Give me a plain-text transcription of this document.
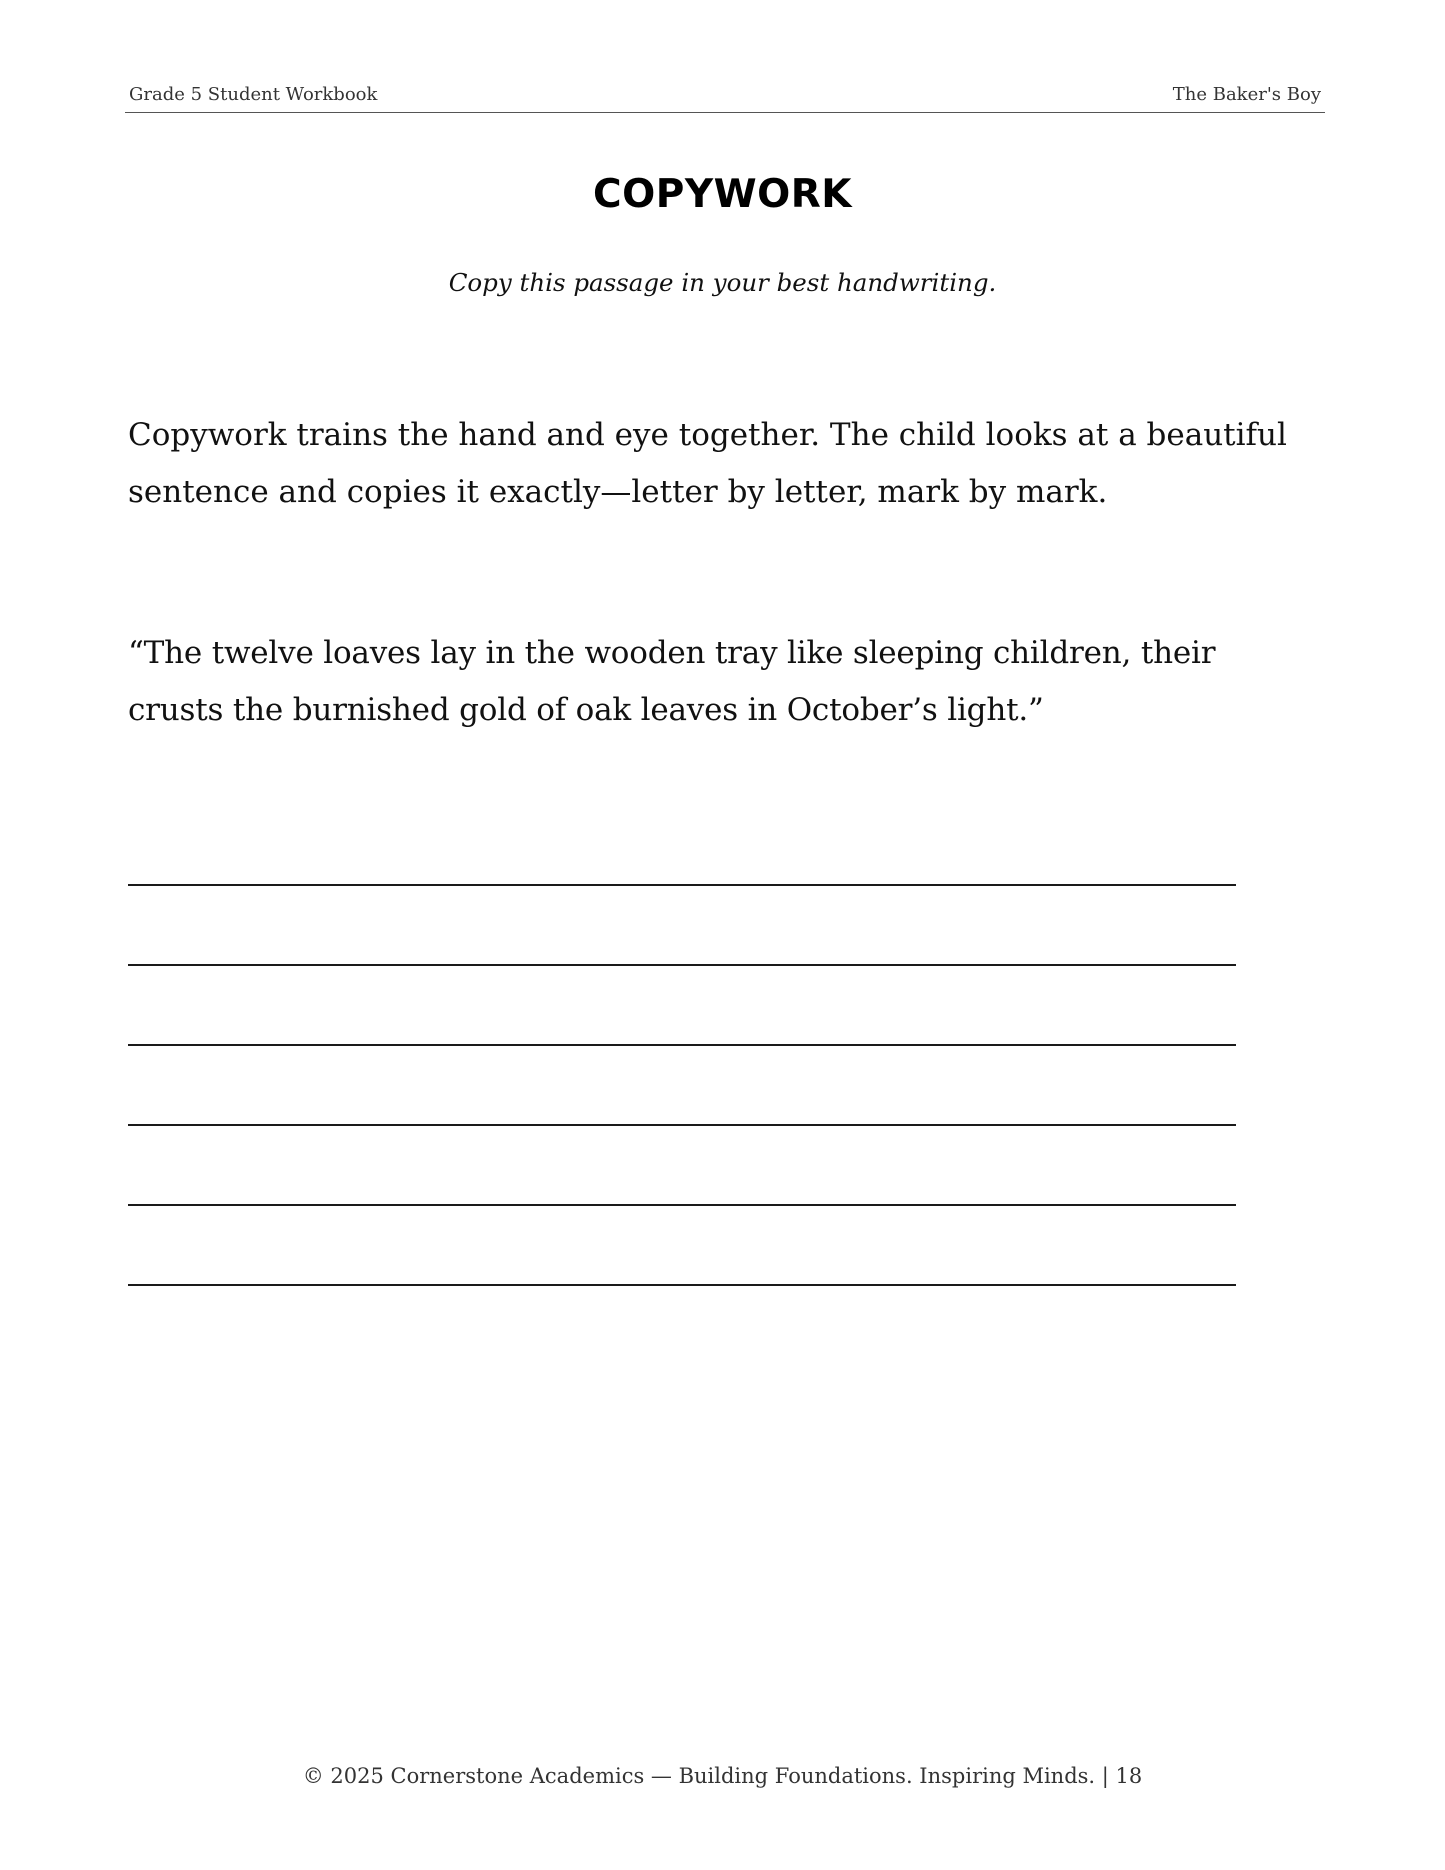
Grade 5 Student Workbook	The Baker's Boy
COPYWORK
Copy this passage in your best handwriting.

Copywork trains the hand and eye together. The child looks at a beautiful sentence and copies it exactly—letter by letter, mark by mark.

“The twelve loaves lay in the wooden tray like sleeping children, their crusts the burnished gold of oak leaves in October’s light.”

© 2025 Cornerstone Academics — Building Foundations. Inspiring Minds. | 18
